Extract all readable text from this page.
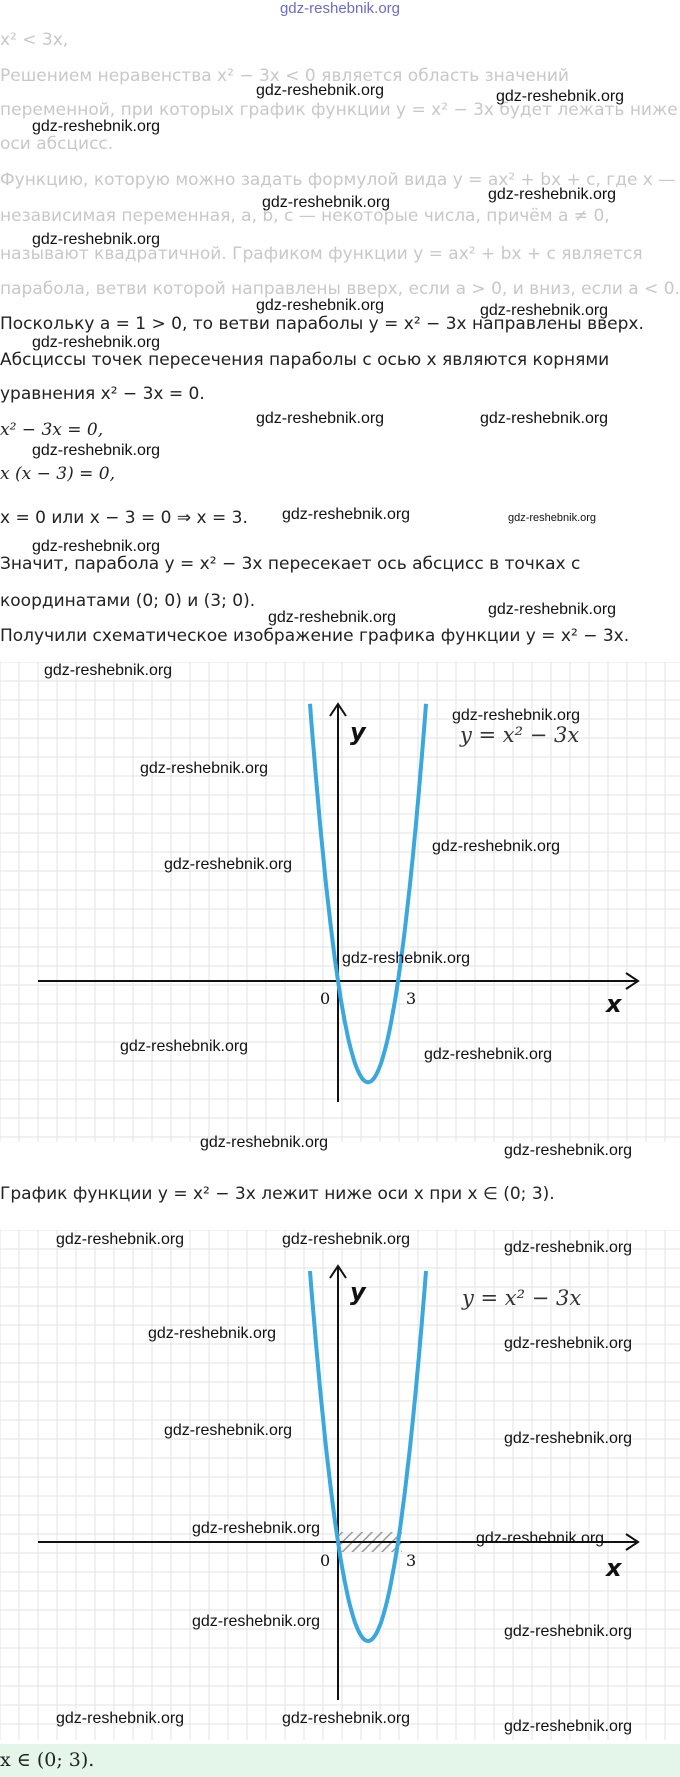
gdz-reshebnik.org
x² < 3x,
Решением неравенства x² − 3x < 0 является область значений
переменной, при которых график функции y = x² − 3x будет лежать ниже
оси абсцисс.
Функцию, которую можно задать формулой вида y = ax² + bx + c, где x —
независимая переменная, a, b, c — некоторые числа, причём a ≠ 0,
называют квадратичной. Графиком функции y = ax² + bx + c является
парабола, ветви которой направлены вверх, если a > 0, и вниз, если a < 0.
Поскольку a = 1 > 0, то ветви параболы y = x² − 3x направлены вверх.
Абсциссы точек пересечения параболы с осью x являются корнями
уравнения x² − 3x = 0.
x² − 3x = 0,
x (x − 3) = 0,
x = 0 или x − 3 = 0 ⇒ x = 3.
Значит, парабола y = x² − 3x пересекает ось абсцисс в точках с
координатами (0; 0) и (3; 0).
Получили схематическое изображение графика функции y = x² − 3x.
y = x² − 3x
y
x
0	3
График функции y = x² − 3x лежит ниже оси x при x ∈ (0; 3).
y = x² − 3x
y
x
0	3
x ∈ (0; 3).
gdz-reshebnik.org	gdz-reshebnik.org
gdz-reshebnik.org
gdz-reshebnik.org	gdz-reshebnik.org
gdz-reshebnik.org
gdz-reshebnik.org	gdz-reshebnik.org
gdz-reshebnik.org
gdz-reshebnik.org	gdz-reshebnik.org
gdz-reshebnik.org
gdz-reshebnik.org	gdz-reshebnik.org
gdz-reshebnik.org
gdz-reshebnik.org	gdz-reshebnik.org
gdz-reshebnik.org
gdz-reshebnik.org
gdz-reshebnik.org
gdz-reshebnik.org
gdz-reshebnik.org
gdz-reshebnik.org
gdz-reshebnik.org	gdz-reshebnik.org
gdz-reshebnik.org	gdz-reshebnik.org
gdz-reshebnik.org	gdz-reshebnik.org	gdz-reshebnik.org
gdz-reshebnik.org
gdz-reshebnik.org
gdz-reshebnik.org	gdz-reshebnik.org
gdz-reshebnik.org
gdz-reshebnik.org
gdz-reshebnik.org
gdz-reshebnik.org
gdz-reshebnik.org	gdz-reshebnik.org	gdz-reshebnik.org
